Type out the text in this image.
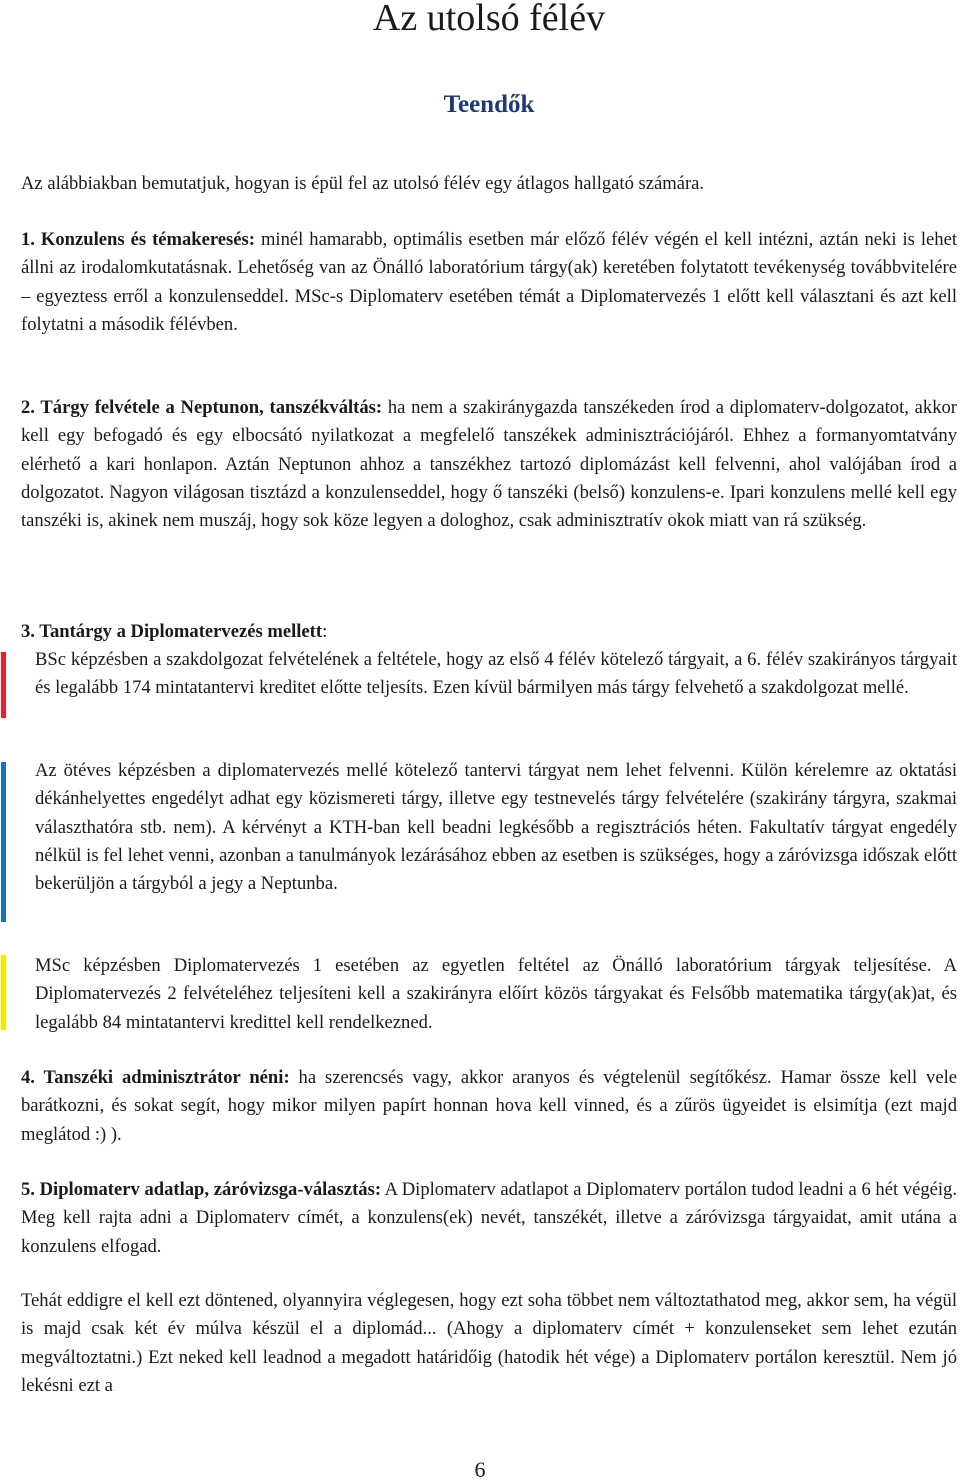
Az utolsó félév
Teendők

Az alábbiakban bemutatjuk, hogyan is épül fel az utolsó félév egy átlagos hallgató számára.

1. Konzulens és témakeresés: minél hamarabb, optimális esetben már előző félév végén el kell intézni, aztán neki is lehet állni az irodalomkutatásnak. Lehetőség van az Önálló laboratórium tárgy(ak) keretében folytatott tevékenység továbbvitelére – egyeztess erről a konzulenseddel. MSc-s Diplomaterv esetében témát a Diplomatervezés 1 előtt kell választani és azt kell folytatni a második félévben.

2. Tárgy felvétele a Neptunon, tanszékváltás: ha nem a szakiránygazda tanszékeden írod a diplomaterv-dolgozatot, akkor kell egy befogadó és egy elbocsátó nyilatkozat a megfelelő tanszékek adminisztrációjáról. Ehhez a formanyomtatvány elérhető a kari honlapon. Aztán Neptunon ahhoz a tanszékhez tartozó diplomázást kell felvenni, ahol valójában írod a dolgozatot. Nagyon világosan tisztázd a konzulenseddel, hogy ő tanszéki (belső) konzulens-e. Ipari konzulens mellé kell egy tanszéki is, akinek nem muszáj, hogy sok köze legyen a dologhoz, csak adminisztratív okok miatt van rá szükség.

3. Tantárgy a Diplomatervezés mellett:

BSc képzésben a szakdolgozat felvételének a feltétele, hogy az első 4 félév kötelező tárgyait, a 6. félév szakirányos tárgyait és legalább 174 mintatantervi kreditet előtte teljesíts. Ezen kívül bármilyen más tárgy felvehető a szakdolgozat mellé.

Az ötéves képzésben a diplomatervezés mellé kötelező tantervi tárgyat nem lehet felvenni. Külön kérelemre az oktatási dékánhelyettes engedélyt adhat egy közismereti tárgy, illetve egy testnevelés tárgy felvételére (szakirány tárgyra, szakmai választhatóra stb. nem). A kérvényt a KTH-ban kell beadni legkésőbb a regisztrációs héten. Fakultatív tárgyat engedély nélkül is fel lehet venni, azonban a tanulmányok lezárásához ebben az esetben is szükséges, hogy a záróvizsga időszak előtt bekerüljön a tárgyból a jegy a Neptunba.

MSc képzésben Diplomatervezés 1 esetében az egyetlen feltétel az Önálló laboratórium tárgyak teljesítése. A Diplomatervezés 2 felvételéhez teljesíteni kell a szakirányra előírt közös tárgyakat és Felsőbb matematika tárgy(ak)at, és legalább 84 mintatantervi kredittel kell rendelkezned.

4. Tanszéki adminisztrátor néni: ha szerencsés vagy, akkor aranyos és végtelenül segítőkész. Hamar össze kell vele barátkozni, és sokat segít, hogy mikor milyen papírt honnan hova kell vinned, és a zűrös ügyeidet is elsimítja (ezt majd meglátod :) ).

5. Diplomaterv adatlap, záróvizsga-választás: A Diplomaterv adatlapot a Diplomaterv portálon tudod leadni a 6 hét végéig. Meg kell rajta adni a Diplomaterv címét, a konzulens(ek) nevét, tanszékét, illetve a záróvizsga tárgyaidat, amit utána a konzulens elfogad.

Tehát eddigre el kell ezt döntened, olyannyira véglegesen, hogy ezt soha többet nem változtathatod meg, akkor sem, ha végül is majd csak két év múlva készül el a diplomád... (Ahogy a diplomaterv címét + konzulenseket sem lehet ezután megváltoztatni.) Ezt neked kell leadnod a megadott határidőig (hatodik hét vége) a Diplomaterv portálon keresztül. Nem jó lekésni ezt a

6
